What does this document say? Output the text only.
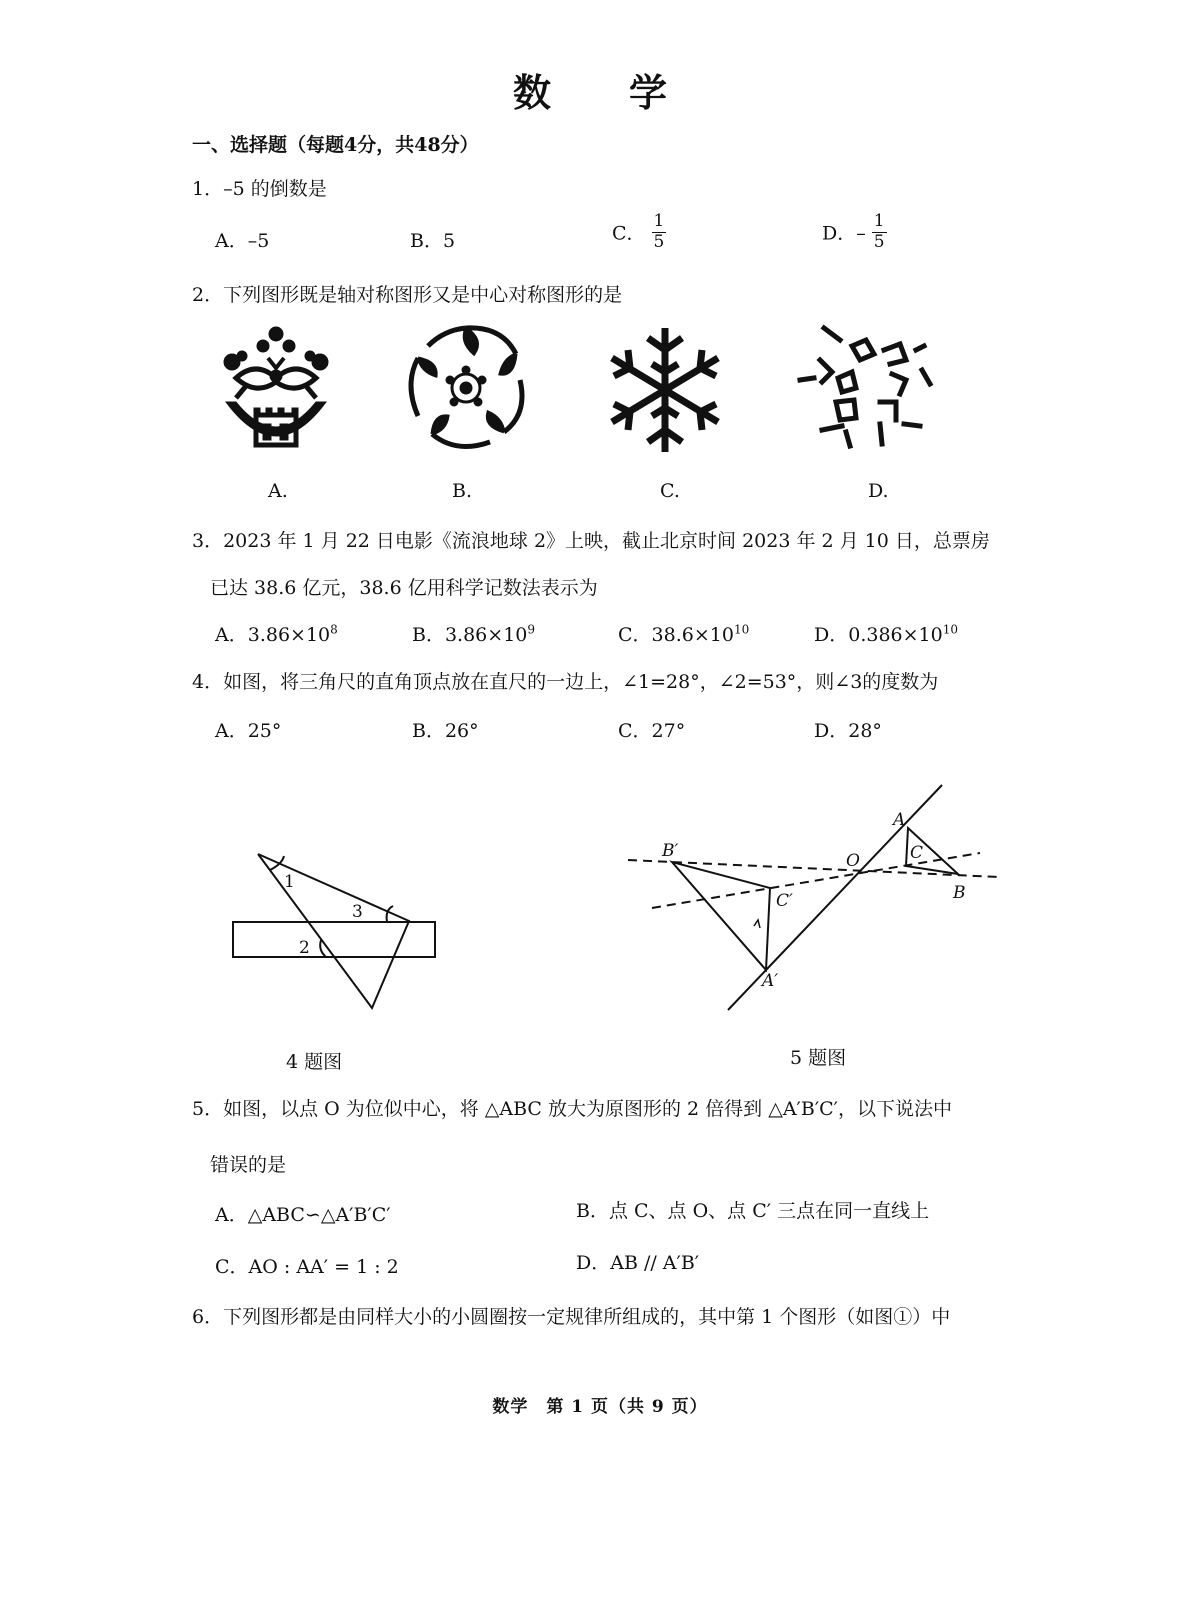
数　学
一、选择题（每题4分，共48分）
1．–5 的倒数是
A．–5	B．5	C． $\frac{1}{5}$	D．– $\frac{1}{5}$
2．下列图形既是轴对称图形又是中心对称图形的是
A.	B.	C.	D.
3．2023 年 1 月 22 日电影《流浪地球 2》上映，截止北京时间 2023 年 2 月 10 日，总票房
已达 38.6 亿元，38.6 亿用科学记数法表示为
A．$3.86\times 10^8$	B．$3.86\times 10^9$	C．$38.6\times 10^{10}$	D．$0.386\times 10^{10}$
4．如图，将三角尺的直角顶点放在直尺的一边上，∠1=28°，∠2=53°，则∠3的度数为
A．25°	B．26°	C．27°	D．28°
1
2
3
4 题图
A
B
C
O
A′
B′
C′
5 题图
5．如图，以点 O 为位似中心，将 △ABC 放大为原图形的 2 倍得到 △A′B′C′，以下说法中
错误的是
A．△ABC∽△A′B′C′	B．点 C、点 O、点 C′ 三点在同一直线上
C．AO : AA′ = 1 : 2	D．AB // A′B′
6．下列图形都是由同样大小的小圆圈按一定规律所组成的，其中第 1 个图形（如图①）中
数学　第 1 页（共 9 页）
